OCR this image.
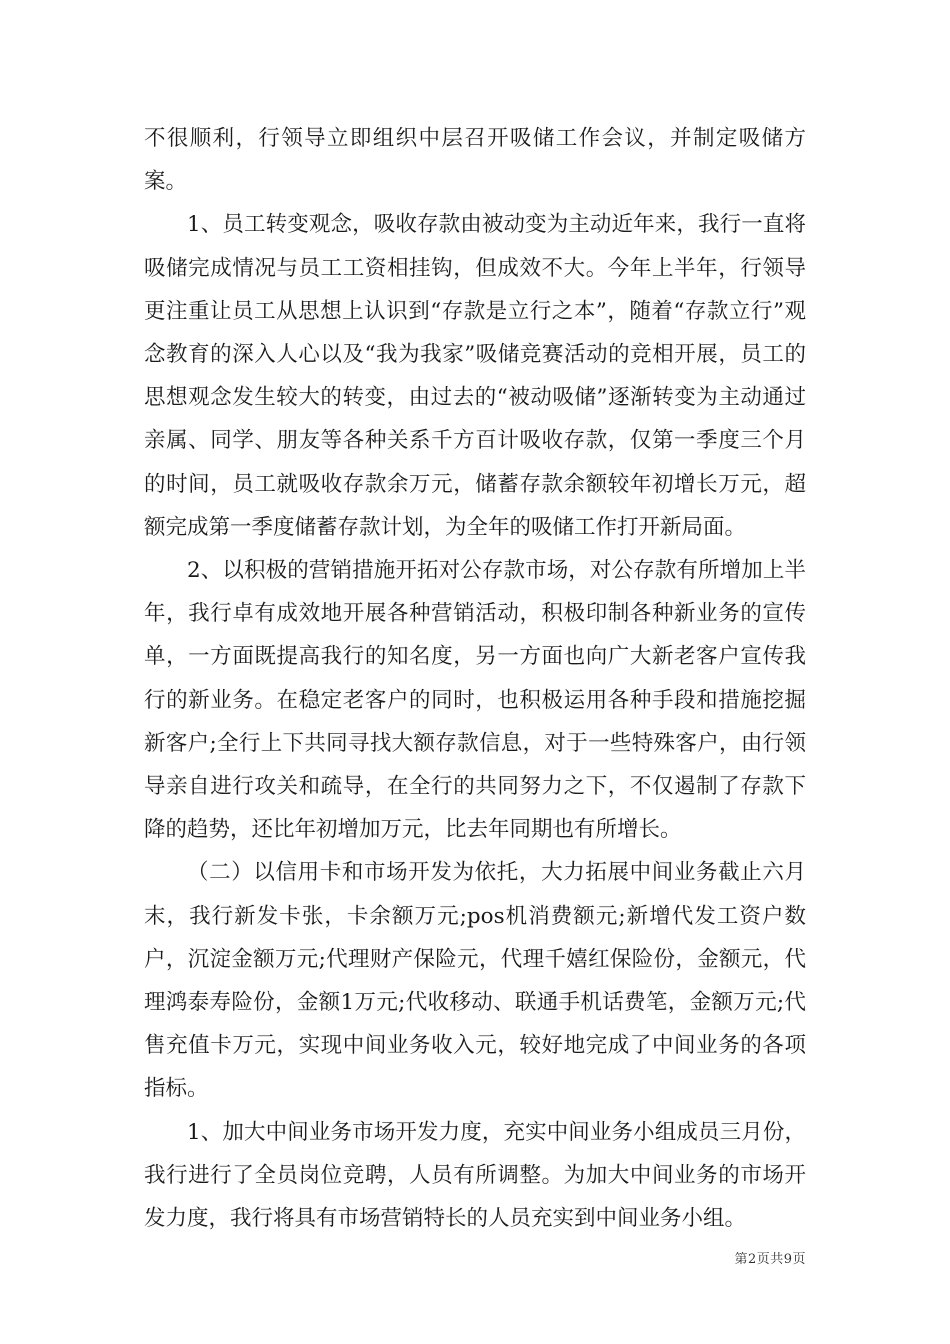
不很顺利，行领导立即组织中层召开吸储工作会议，并制定吸储方案。

1、员工转变观念，吸收存款由被动变为主动近年来，我行一直将吸储完成情况与员工工资相挂钩，但成效不大。今年上半年，行领导更注重让员工从思想上认识到“存款是立行之本”，随着“存款立行”观念教育的深入人心以及“我为我家”吸储竞赛活动的竞相开展，员工的思想观念发生较大的转变，由过去的“被动吸储”逐渐转变为主动通过亲属、同学、朋友等各种关系千方百计吸收存款，仅第一季度三个月的时间，员工就吸收存款余万元，储蓄存款余额较年初增长万元，超额完成第一季度储蓄存款计划，为全年的吸储工作打开新局面。

2、以积极的营销措施开拓对公存款市场，对公存款有所增加上半年，我行卓有成效地开展各种营销活动，积极印制各种新业务的宣传单，一方面既提高我行的知名度，另一方面也向广大新老客户宣传我行的新业务。在稳定老客户的同时，也积极运用各种手段和措施挖掘新客户;全行上下共同寻找大额存款信息，对于一些特殊客户，由行领导亲自进行攻关和疏导，在全行的共同努力之下，不仅遏制了存款下降的趋势，还比年初增加万元，比去年同期也有所增长。

（二）以信用卡和市场开发为依托，大力拓展中间业务截止六月末，我行新发卡张，卡余额万元;pos机消费额元;新增代发工资户数户，沉淀金额万元;代理财产保险元，代理千嬉红保险份，金额元，代理鸿泰寿险份，金额1万元;代收移动、联通手机话费笔，金额万元;代售充值卡万元，实现中间业务收入元，较好地完成了中间业务的各项指标。

1、加大中间业务市场开发力度，充实中间业务小组成员三月份，我行进行了全员岗位竞聘，人员有所调整。为加大中间业务的市场开发力度，我行将具有市场营销特长的人员充实到中间业务小组。

第2页共9页
